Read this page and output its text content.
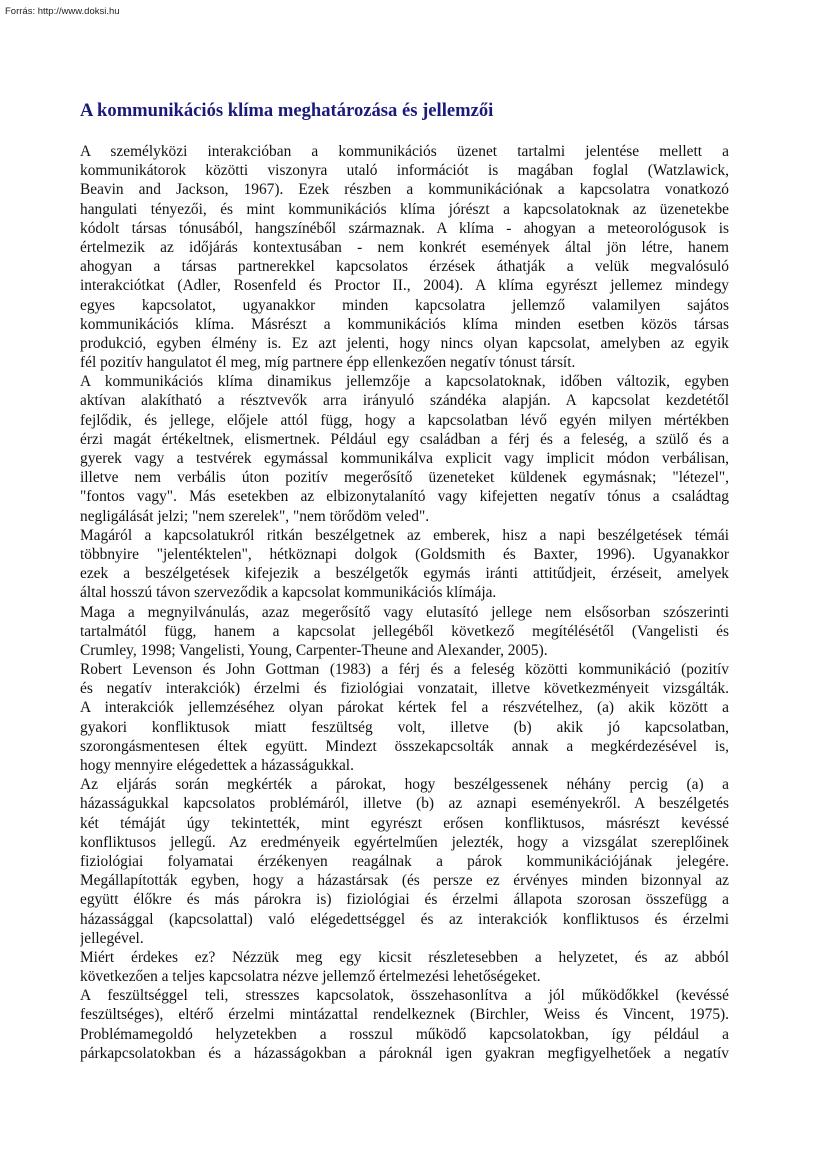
Forrás: http://www.doksi.hu
A kommunikációs klíma meghatározása és jellemzői
A személyközi interakcióban a kommunikációs üzenet tartalmi jelentése mellett a
kommunikátorok közötti viszonyra utaló információt is magában foglal (Watzlawick,
Beavin and Jackson, 1967). Ezek részben a kommunikációnak a kapcsolatra vonatkozó
hangulati tényezői, és mint kommunikációs klíma jórészt a kapcsolatoknak az üzenetekbe
kódolt társas tónusából, hangszínéből származnak. A klíma - ahogyan a meteorológusok is
értelmezik az időjárás kontextusában - nem konkrét események által jön létre, hanem
ahogyan a társas partnerekkel kapcsolatos érzések áthatják a velük megvalósuló
interakciótkat (Adler, Rosenfeld és Proctor II., 2004). A klíma egyrészt jellemez mindegy
egyes kapcsolatot, ugyanakkor minden kapcsolatra jellemző valamilyen sajátos
kommunikációs klíma. Másrészt a kommunikációs klíma minden esetben közös társas
produkció, egyben élmény is. Ez azt jelenti, hogy nincs olyan kapcsolat, amelyben az egyik
fél pozitív hangulatot él meg, míg partnere épp ellenkezően negatív tónust társít.
A kommunikációs klíma dinamikus jellemzője a kapcsolatoknak, időben változik, egyben
aktívan alakítható a résztvevők arra irányuló szándéka alapján. A kapcsolat kezdetétől
fejlődik, és jellege, előjele attól függ, hogy a kapcsolatban lévő egyén milyen mértékben
érzi magát értékeltnek, elismertnek. Például egy családban a férj és a feleség, a szülő és a
gyerek vagy a testvérek egymással kommunikálva explicit vagy implicit módon verbálisan,
illetve nem verbális úton pozitív megerősítő üzeneteket küldenek egymásnak; "létezel",
"fontos vagy". Más esetekben az elbizonytalanító vagy kifejetten negatív tónus a családtag
negligálását jelzi; "nem szerelek", "nem törődöm veled".
Magáról a kapcsolatukról ritkán beszélgetnek az emberek, hisz a napi beszélgetések témái
többnyire "jelentéktelen", hétköznapi dolgok (Goldsmith és Baxter, 1996). Ugyanakkor
ezek a beszélgetések kifejezik a beszélgetők egymás iránti attitűdjeit, érzéseit, amelyek
által hosszú távon szerveződik a kapcsolat kommunikációs klímája.
Maga a megnyilvánulás, azaz megerősítő vagy elutasító jellege nem elsősorban szószerinti
tartalmától függ, hanem a kapcsolat jellegéből következő megítélésétől (Vangelisti és
Crumley, 1998; Vangelisti, Young, Carpenter-Theune and Alexander, 2005).
Robert Levenson és John Gottman (1983) a férj és a feleség közötti kommunikáció (pozitív
és negatív interakciók) érzelmi és fiziológiai vonzatait, illetve következményeit vizsgálták.
A interakciók jellemzéséhez olyan párokat kértek fel a részvételhez, (a) akik között a
gyakori konfliktusok miatt feszültség volt, illetve (b) akik jó kapcsolatban,
szorongásmentesen éltek együtt. Mindezt összekapcsolták annak a megkérdezésével is,
hogy mennyire elégedettek a házasságukkal.
Az eljárás során megkérték a párokat, hogy beszélgessenek néhány percig (a) a
házasságukkal kapcsolatos problémáról, illetve (b) az aznapi eseményekről. A beszélgetés
két témáját úgy tekintették, mint egyrészt erősen konfliktusos, másrészt kevéssé
konfliktusos jellegű. Az eredményeik egyértelműen jelezték, hogy a vizsgálat szereplőinek
fiziológiai folyamatai érzékenyen reagálnak a párok kommunikációjának jelegére.
Megállapították egyben, hogy a házastársak (és persze ez érvényes minden bizonnyal az
együtt élőkre és más párokra is) fiziológiai és érzelmi állapota szorosan összefügg a
házassággal (kapcsolattal) való elégedettséggel és az interakciók konfliktusos és érzelmi
jellegével.
Miért érdekes ez? Nézzük meg egy kicsit részletesebben a helyzetet, és az abból
következően a teljes kapcsolatra nézve jellemző értelmezési lehetőségeket.
A feszültséggel teli, stresszes kapcsolatok, összehasonlítva a jól működőkkel (kevéssé
feszültséges), eltérő érzelmi mintázattal rendelkeznek (Birchler, Weiss és Vincent, 1975).
Problémamegoldó helyzetekben a rosszul működő kapcsolatokban, így például a
párkapcsolatokban és a házasságokban a pároknál igen gyakran megfigyelhetőek a negatív
